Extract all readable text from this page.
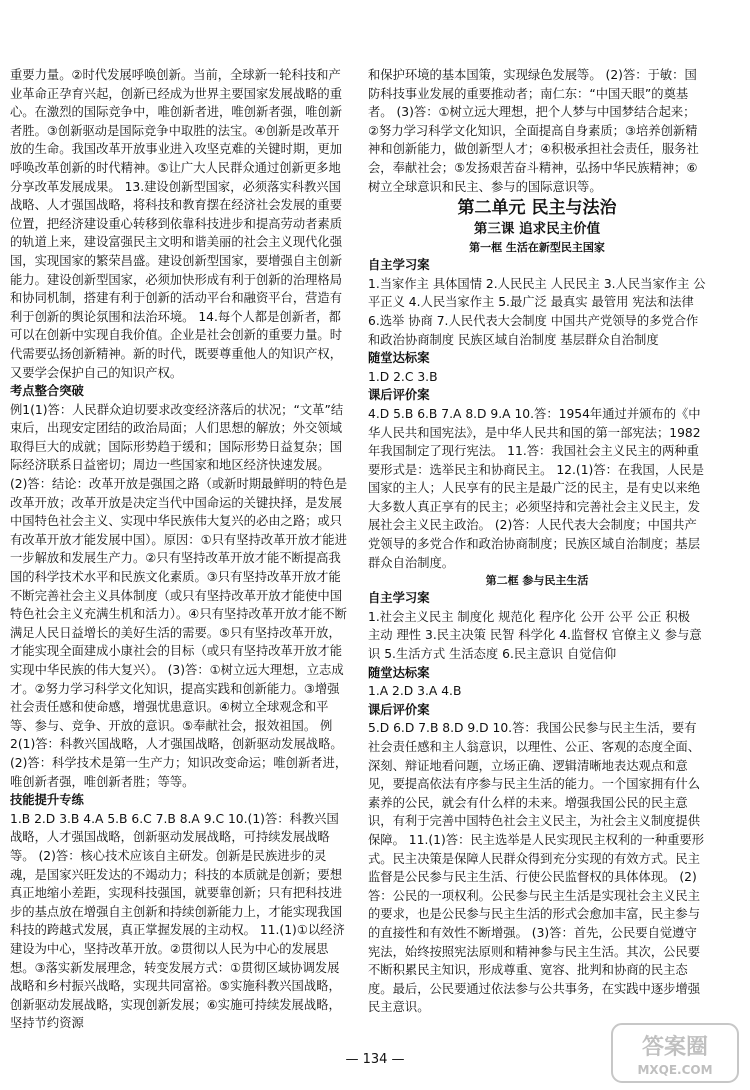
重要力量。②时代发展呼唤创新。当前，全球新一轮科技和产业革命正孕育兴起，创新已经成为世界主要国家发展战略的重心。在激烈的国际竞争中，唯创新者进，唯创新者强，唯创新者胜。③创新驱动是国际竞争中取胜的法宝。④创新是改革开放的生命。我国改革开放事业进入攻坚克难的关键时期，更加呼唤改革创新的时代精神。⑤让广大人民群众通过创新更多地分享改革发展成果。 13.建设创新型国家，必须落实科教兴国战略、人才强国战略，将科技和教育摆在经济社会发展的重要位置，把经济建设重心转移到依靠科技进步和提高劳动者素质的轨道上来，建设富强民主文明和谐美丽的社会主义现代化强国，实现国家的繁荣昌盛。建设创新型国家，要增强自主创新能力。建设创新型国家，必须加快形成有利于创新的治理格局和协同机制，搭建有利于创新的活动平台和融资平台，营造有利于创新的舆论氛围和法治环境。 14.每个人都是创新者，都可以在创新中实现自我价值。企业是社会创新的重要力量。时代需要弘扬创新精神。新的时代，既要尊重他人的知识产权，又要学会保护自己的知识产权。

考点整合突破

例1(1)答：人民群众迫切要求改变经济落后的状况；“文革”结束后，出现安定团结的政治局面；人们思想的解放；外交领域取得巨大的成就；国际形势趋于缓和；国际形势日益复杂；国际经济联系日益密切；周边一些国家和地区经济快速发展。 (2)答：结论：改革开放是强国之路（或新时期最鲜明的特色是改革开放；改革开放是决定当代中国命运的关键抉择，是发展中国特色社会主义、实现中华民族伟大复兴的必由之路；或只有改革开放才能发展中国）。原因：①只有坚持改革开放才能进一步解放和发展生产力。②只有坚持改革开放才能不断提高我国的科学技术水平和民族文化素质。③只有坚持改革开放才能不断完善社会主义具体制度（或只有坚持改革开放才能使中国特色社会主义充满生机和活力）。④只有坚持改革开放才能不断满足人民日益增长的美好生活的需要。⑤只有坚持改革开放，才能实现全面建成小康社会的目标（或只有坚持改革开放才能实现中华民族的伟大复兴）。 (3)答：①树立远大理想，立志成才。②努力学习科学文化知识，提高实践和创新能力。③增强社会责任感和使命感，增强忧患意识。④树立全球观念和平等、参与、竞争、开放的意识。⑤奉献社会，报效祖国。 例2(1)答：科教兴国战略，人才强国战略，创新驱动发展战略。 (2)答：科学技术是第一生产力；知识改变命运；唯创新者进，唯创新者强，唯创新者胜；等等。

技能提升专练

1.B 2.D 3.B 4.A 5.B 6.C 7.B 8.A 9.C 10.(1)答：科教兴国战略，人才强国战略，创新驱动发展战略，可持续发展战略等。 (2)答：核心技术应该自主研发。创新是民族进步的灵魂，是国家兴旺发达的不竭动力；科技的本质就是创新；要想真正地缩小差距，实现科技强国，就要靠创新；只有把科技进步的基点放在增强自主创新和持续创新能力上，才能实现我国科技的跨越式发展，真正掌握发展的主动权。 11.(1)①以经济建设为中心，坚持改革开放。②贯彻以人民为中心的发展思想。③落实新发展理念，转变发展方式：①贯彻区域协调发展战略和乡村振兴战略，实现共同富裕。⑤实施科教兴国战略，创新驱动发展战略，实现创新发展；⑥实施可持续发展战略，坚持节约资源

和保护环境的基本国策，实现绿色发展等。 (2)答：于敏：国防科技事业发展的重要推动者；南仁东：“中国天眼”的奠基者。 (3)答：①树立远大理想，把个人梦与中国梦结合起来；②努力学习科学文化知识，全面提高自身素质；③培养创新精神和创新能力，做创新型人才；④积极承担社会责任，服务社会，奉献社会；⑤发扬艰苦奋斗精神，弘扬中华民族精神；⑥树立全球意识和民主、参与的国际意识等。

第二单元 民主与法治

第三课 追求民主价值

第一框 生活在新型民主国家

自主学习案

1.当家作主 具体国情 2.人民民主 人民民主 3.人民当家作主 公平正义 4.人民当家作主 5.最广泛 最真实 最管用 宪法和法律 6.选举 协商 7.人民代表大会制度 中国共产党领导的多党合作和政治协商制度 民族区域自治制度 基层群众自治制度

随堂达标案

1.D 2.C 3.B

课后评价案

4.D 5.B 6.B 7.A 8.D 9.A 10.答：1954年通过并颁布的《中华人民共和国宪法》，是中华人民共和国的第一部宪法；1982年我国制定了现行宪法。 11.答：我国社会主义民主的两种重要形式是：选举民主和协商民主。 12.(1)答：在我国，人民是国家的主人；人民享有的民主是最广泛的民主，是有史以来绝大多数人真正享有的民主；必须坚持和完善社会主义民主，发展社会主义民主政治。 (2)答：人民代表大会制度；中国共产党领导的多党合作和政治协商制度；民族区域自治制度；基层群众自治制度。

第二框 参与民主生活

自主学习案

1.社会主义民主 制度化 规范化 程序化 公开 公平 公正 积极 主动 理性 3.民主决策 民智 科学化 4.监督权 官僚主义 参与意识 5.生活方式 生活态度 6.民主意识 自觉信仰

随堂达标案

1.A 2.D 3.A 4.B

课后评价案

5.D 6.D 7.B 8.D 9.D 10.答：我国公民参与民主生活，要有社会责任感和主人翁意识，以理性、公正、客观的态度全面、深刻、辩证地看问题，立场正确、逻辑清晰地表达观点和意见，要提高依法有序参与民主生活的能力。一个国家拥有什么素养的公民，就会有什么样的未来。增强我国公民的民主意识，有利于完善中国特色社会主义民主，为社会主义制度提供保障。 11.(1)答：民主选举是人民实现民主权利的一种重要形式。民主决策是保障人民群众得到充分实现的有效方式。民主监督是公民参与民主生活、行使公民监督权的具体体现。 (2)答：公民的一项权利。公民参与民主生活是实现社会主义民主的要求，也是公民参与民主生活的形式会愈加丰富，民主参与的直接性和有效性不断增强。 (3)答：首先，公民要自觉遵守宪法，始终按照宪法原则和精神参与民主生活。其次，公民要不断积累民主知识，形成尊重、宽容、批判和协商的民主态度。最后，公民要通过依法参与公共事务，在实践中逐步增强民主意识。

— 134 —	答案圈
MXQE.COM
